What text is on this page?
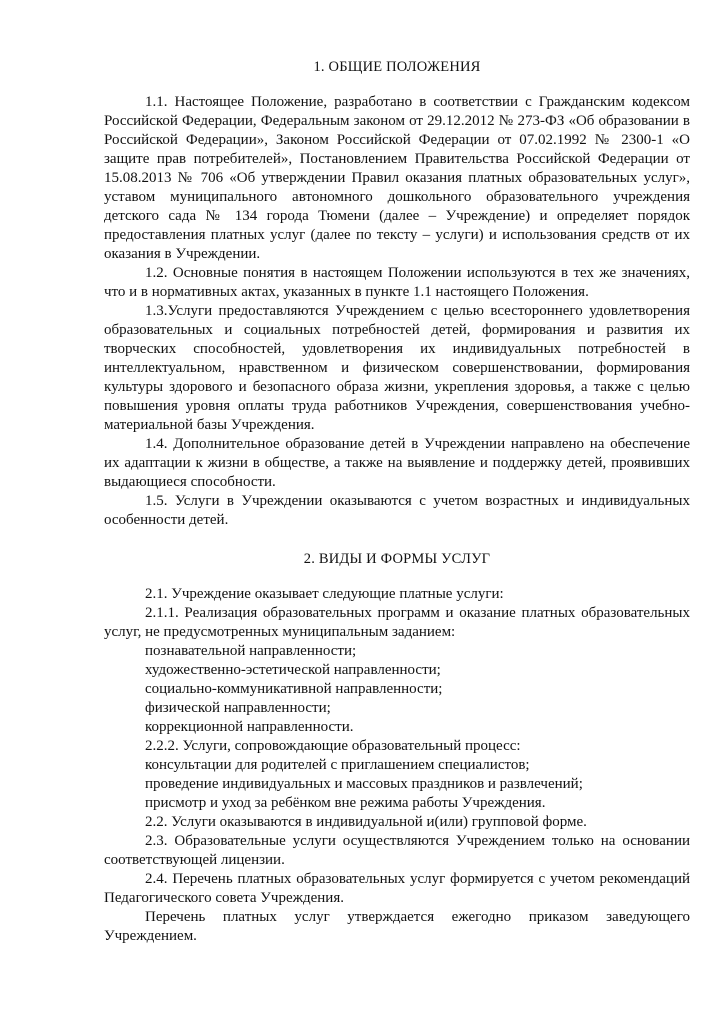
1. ОБЩИЕ ПОЛОЖЕНИЯ

1.1. Настоящее Положение, разработано в соответствии с Гражданским кодексом Российской Федерации, Федеральным законом от 29.12.2012 № 273-ФЗ «Об образовании в Российской Федерации», Законом Российской Федерации от 07.02.1992 № 2300-1 «О защите прав потребителей», Постановлением Правительства Российской Федерации от 15.08.2013 № 706 «Об утверждении Правил оказания платных образовательных услуг», уставом муниципального автономного дошкольного образовательного учреждения детского сада № 134 города Тюмени (далее – Учреждение) и определяет порядок предоставления платных услуг (далее по тексту – услуги) и использования средств от их оказания в Учреждении.

1.2. Основные понятия в настоящем Положении используются в тех же значениях, что и в нормативных актах, указанных в пункте 1.1 настоящего Положения.

1.3.Услуги предоставляются Учреждением с целью всестороннего удовлетворения образовательных и социальных потребностей детей, формирования и развития их творческих способностей, удовлетворения их индивидуальных потребностей в интеллектуальном, нравственном и физическом совершенствовании, формирования культуры здорового и безопасного образа жизни, укрепления здоровья, а также с целью повышения уровня оплаты труда работников Учреждения, совершенствования учебно-материальной базы Учреждения.

1.4. Дополнительное образование детей в Учреждении направлено на обеспечение их адаптации к жизни в обществе, а также на выявление и поддержку детей, проявивших выдающиеся способности.

1.5. Услуги в Учреждении оказываются с учетом возрастных и индивидуальных особенности детей.

2. ВИДЫ И ФОРМЫ УСЛУГ

2.1. Учреждение оказывает следующие платные услуги:

2.1.1. Реализация образовательных программ и оказание платных образовательных услуг, не предусмотренных муниципальным заданием:

познавательной направленности;
художественно-эстетической направленности;
социально-коммуникативной направленности;
физической направленности;
коррекционной направленности.

2.2.2. Услуги, сопровождающие образовательный процесс:

консультации для родителей с приглашением специалистов;
проведение индивидуальных и массовых праздников и развлечений;
присмотр и уход за ребёнком вне режима работы Учреждения.

2.2. Услуги оказываются в индивидуальной и(или) групповой форме.

2.3. Образовательные услуги осуществляются Учреждением только на основании соответствующей лицензии.

2.4. Перечень платных образовательных услуг формируется с учетом рекомендаций Педагогического совета Учреждения.

Перечень платных услуг утверждается ежегодно приказом заведующего Учреждением.
